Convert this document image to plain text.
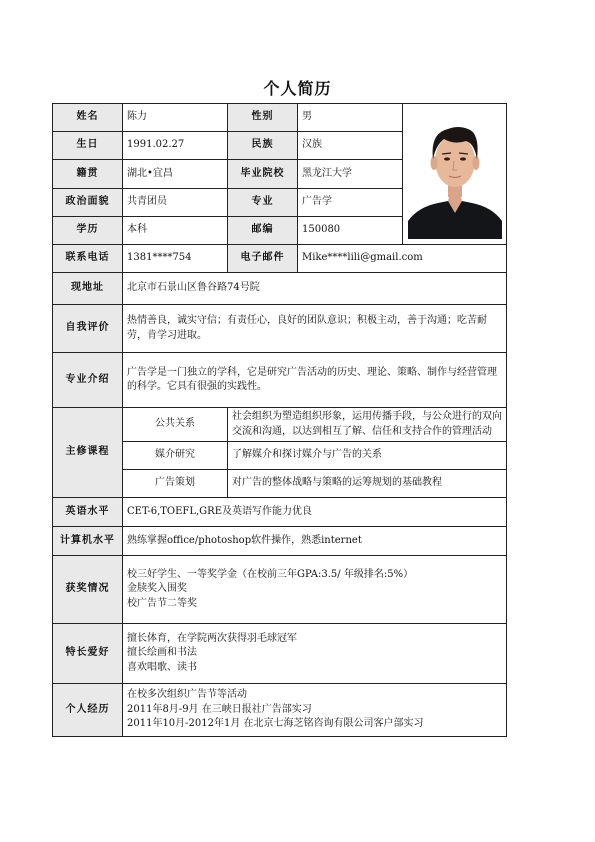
个人简历
姓名	陈力	性别	男	

生日	1991.02.27	民族	汉族	
籍贯	湖北•宜昌	毕业院校	黑龙江大学	
政治面貌	共青团员	专业	广告学	
学历	本科	邮编	150080	
联系电话	1381****754	电子邮件	Mike****lili@gmail.com	
现地址	北京市石景山区鲁谷路74号院			
自我评价	热情善良，诚实守信；有责任心，良好的团队意识；积极主动，善于沟通；吃苦耐劳，肯学习进取。			
专业介绍	广告学是一门独立的学科，它是研究广告活动的历史、理论、策略、制作与经营管理的科学。它具有很强的实践性。			
主修课程	公共关系	社会组织为塑造组织形象，运用传播手段，与公众进行的双向交流和沟通，以达到相互了解、信任和支持合作的管理活动		
	媒介研究	了解媒介和探讨媒介与广告的关系		
	广告策划	对广告的整体战略与策略的运筹规划的基础教程		
英语水平	CET-6,TOEFL,GRE及英语写作能力优良			
计算机水平	熟练掌握office/photoshop软件操作，熟悉internet			
获奖情况	校三好学生、一等奖学金（在校前三年GPA:3.5/ 年级排名:5%）
金牍奖入围奖
校广告节二等奖			

特长爱好	擅长体育，在学院两次获得羽毛球冠军
擅长绘画和书法
喜欢唱歌、读书			

个人经历	在校多次组织广告节等活动
2011年8月-9月 在三峡日报社广告部实习
2011年10月-2012年1月 在北京七海芝铭咨询有限公司客户部实习			
